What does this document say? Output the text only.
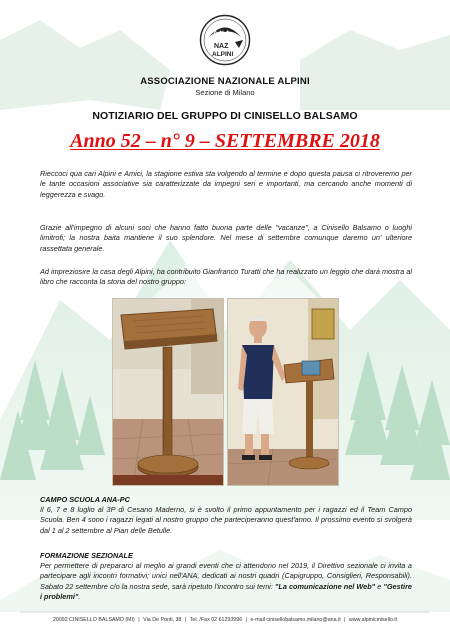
A.N.A.
NAZ
ALPINI
ASSOCIAZIONE NAZIONALE ALPINI
Sezione di Milano
NOTIZIARIO DEL GRUPPO DI CINISELLO BALSAMO
Anno 52 – n° 9 – SETTEMBRE 2018

Rieccoci qua cari Alpini e Amici, la stagione estiva sta volgendo al termine e dopo questa pausa ci ritroveremo per le tante occasioni associative sia caratterizzate da impegni seri e importanti, ma cercando anche momenti di leggerezza e svago.

Grazie all'impegno di alcuni soci che hanno fatto buona parte delle "vacanze", a Cinisello Balsamo o luoghi limitrofi; la nostra baita mantiene il suo splendore. Nel mese di settembre comunque daremo un' ulteriore rassettata generale.

Ad impreziosire la casa degli Alpini, ha contribuito Gianfranco Turatti che ha realizzato un leggio che darà mostra al libro che racconta la storia del nostro gruppo:

CAMPO SCUOLA ANA-PC

Il 6, 7 e 8 luglio al 3P di Cesano Maderno, si è svolto il primo appuntamento per i ragazzi ed il Team Campo Scuola. Ben 4 sono i ragazzi legati al nostro gruppo che parteciperanno quest'anno. Il prossimo evento si svolgerà dal 1 al 2 settembre al Pian delle Betulle.

FORMAZIONE SEZIONALE

Per permettere di prepararci al meglio ai grandi eventi che ci attendono nel 2019, il Direttivo sezionale ci invita a partecipare agli incontri formativi; unici nell'ANA, dedicati ai nostri quadri (Capigruppo, Consiglieri, Responsabili). Sabato 22 settembre c/o la nostra sede, sarà ripetuto l'incontro sui temi: "La comunicazione nel Web" e "Gestire i problemi".

20092 CINISELLO BALSAMO (MI) | Via De Ponti, 38 | Tel. /Fax 02 61293996 | e-mail cinisellobalsamo.milano@ana.it | www.alpinicinisello.it
